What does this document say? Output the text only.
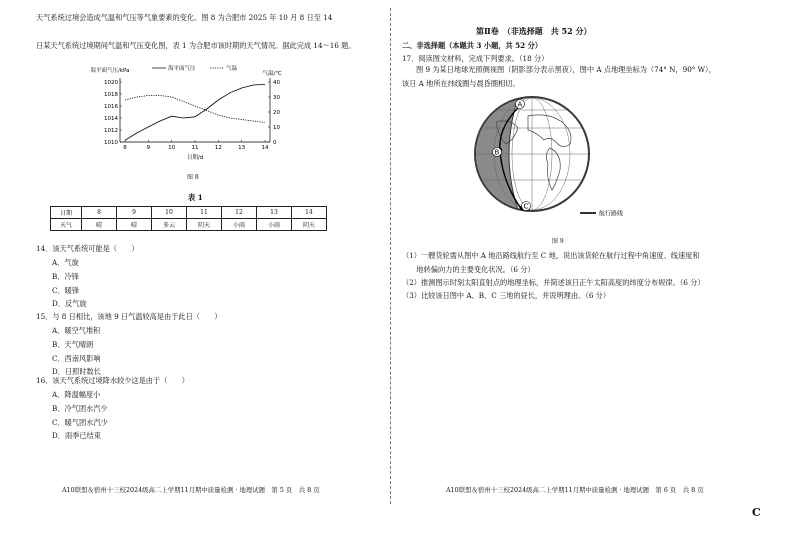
天气系统过境会造成气温和气压等气象要素的变化。图 8 为合肥市 2025 年 10 月 8 日至 14
日某天气系统过境期间气温和气压变化图，表 1 为合肥市该时期的天气情况。据此完成 14～16 题。
1020
1018
1016
1014
1012
1010
40
30
20
10
0
8	9	10	11	12	13	14
海平面气压/kPa	气温/℃
日期/d
海平面气压	气温
图 8
表 1
日期	8	9	10	11	12	13	14
天气	晴	晴	多云	阴天	小雨	小雨	阴天
14．该天气系统可能是（　　）
A．气旋
B．冷锋
C．暖锋
D．反气旋
15．与 8 日相比，该地 9 日气温较高是由于此日（　　）
A．暖空气堆积
B．天气晴朗
C．西南风影响
D．日照时数长
16．该天气系统过境降水较少这是由于（　　）
A．降温幅度小
B．冷气团水汽少
C．暖气团水汽少
D．雨季已结束
A10联盟＆宿州十三校2024级高二上学期11月期中质量检测 · 地理试题　第 5 页　共 8 页
第Ⅱ卷　（非选择题　共 52 分）
二、非选择题（本题共 3 小题，共 52 分）
17．阅读图文材料，完成下列要求。（18 分）
图 9 为某日地球光照侧视图（阴影部分表示黑夜），图中 A 点地理坐标为（74° N，90° W），
该日 A 地所在纬线圈与晨昏圈相切。
A
B
C
航行路线
图 9
（1）一艘货轮需从图中 A 地沿路线航行至 C 地，说出该货轮在航行过程中角速度、线速度和
　　地转偏向力的主要变化状况。（6 分）
（2）推测图示时刻太阳直射点的地理坐标，并简述该日正午太阳高度的纬度分布规律。（6 分）
（3）比较该日图中 A、B、C 三地的昼长，并说明理由。（6 分）
A10联盟＆宿州十三校2024级高二上学期11月期中质量检测 · 地理试题　第 6 页　共 8 页
C
